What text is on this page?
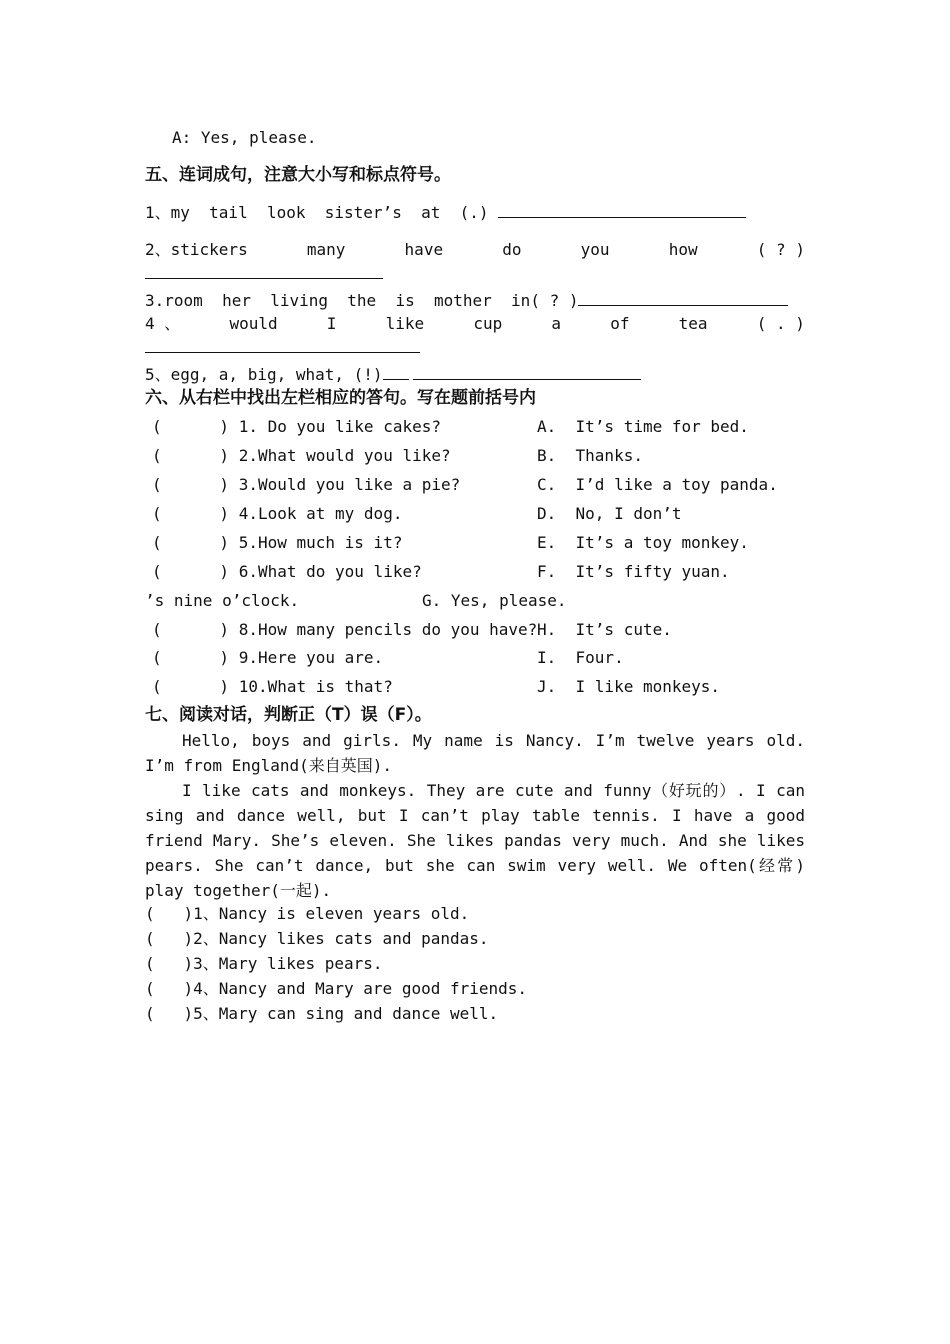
A: Yes, please.
五、连词成句，注意大小写和标点符号。
1、my  tail  look  sister’s  at  (.)
2、stickers	many	have	do	you	how	( ? )
3.room  her  living  the  is  mother  in( ? )
4 、	would	I	like	cup	a	of	tea	( . )
5、egg, a, big, what, (!)
六、从右栏中找出左栏相应的答句。写在题前括号内
(      ) 1. Do you like cakes?	A.  It’s time for bed.
(      ) 2.What would you like?	B.  Thanks.
(      ) 3.Would you like a pie?	C.  I’d like a toy panda.
(      ) 4.Look at my dog.	D.  No, I don’t
(      ) 5.How much is it?	E.  It’s a toy monkey.
(      ) 6.What do you like?	F.  It’s fifty yuan.
’s nine o’clock.	G. Yes, please.
(      ) 8.How many pencils do you have? H.  It’s cute.
(      ) 9.Here you are.	I.  Four.
(      ) 10.What is that?	J.  I like monkeys.
七、阅读对话，判断正（T）误（F）。

Hello, boys and girls. My name is Nancy. I’m twelve years old. I’m from England(来自英国).

I like cats and monkeys. They are cute and funny（好玩的）. I can sing and dance well, but I can’t play table tennis. I have a good friend Mary. She’s eleven. She likes pandas very much. And she likes pears. She can’t dance, but she can swim very well. We often(经常) play together(一起).

(   )1、Nancy is eleven years old.
(   )2、Nancy likes cats and pandas.
(   )3、Mary likes pears.
(   )4、Nancy and Mary are good friends.
(   )5、Mary can sing and dance well.
